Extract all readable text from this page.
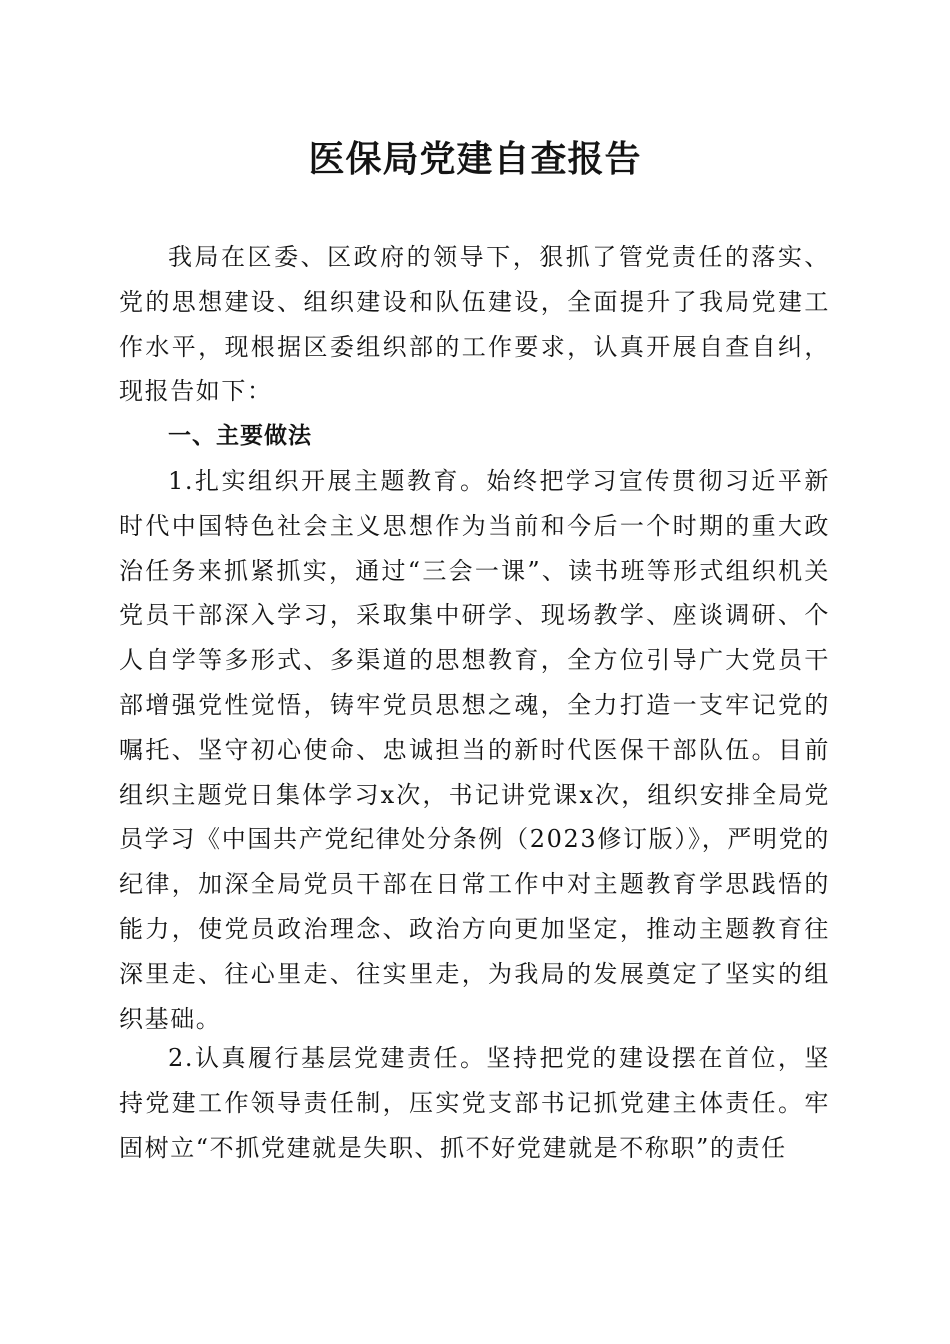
医保局党建自查报告

我局在区委、区政府的领导下，狠抓了管党责任的落实、党的思想建设、组织建设和队伍建设，全面提升了我局党建工作水平，现根据区委组织部的工作要求，认真开展自查自纠，现报告如下：

一、主要做法

1.扎实组织开展主题教育。始终把学习宣传贯彻习近平新时代中国特色社会主义思想作为当前和今后一个时期的重大政治任务来抓紧抓实，通过“三会一课”、读书班等形式组织机关党员干部深入学习，采取集中研学、现场教学、座谈调研、个人自学等多形式、多渠道的思想教育，全方位引导广大党员干部增强党性觉悟，铸牢党员思想之魂，全力打造一支牢记党的嘱托、坚守初心使命、忠诚担当的新时代医保干部队伍。目前组织主题党日集体学习x次，书记讲党课x次，组织安排全局党员学习《中国共产党纪律处分条例（2023修订版）》，严明党的纪律，加深全局党员干部在日常工作中对主题教育学思践悟的能力，使党员政治理念、政治方向更加坚定，推动主题教育往深里走、往心里走、往实里走，为我局的发展奠定了坚实的组织基础。

2.认真履行基层党建责任。坚持把党的建设摆在首位，坚持党建工作领导责任制，压实党支部书记抓党建主体责任。牢固树立“不抓党建就是失职、抓不好党建就是不称职”的责任
